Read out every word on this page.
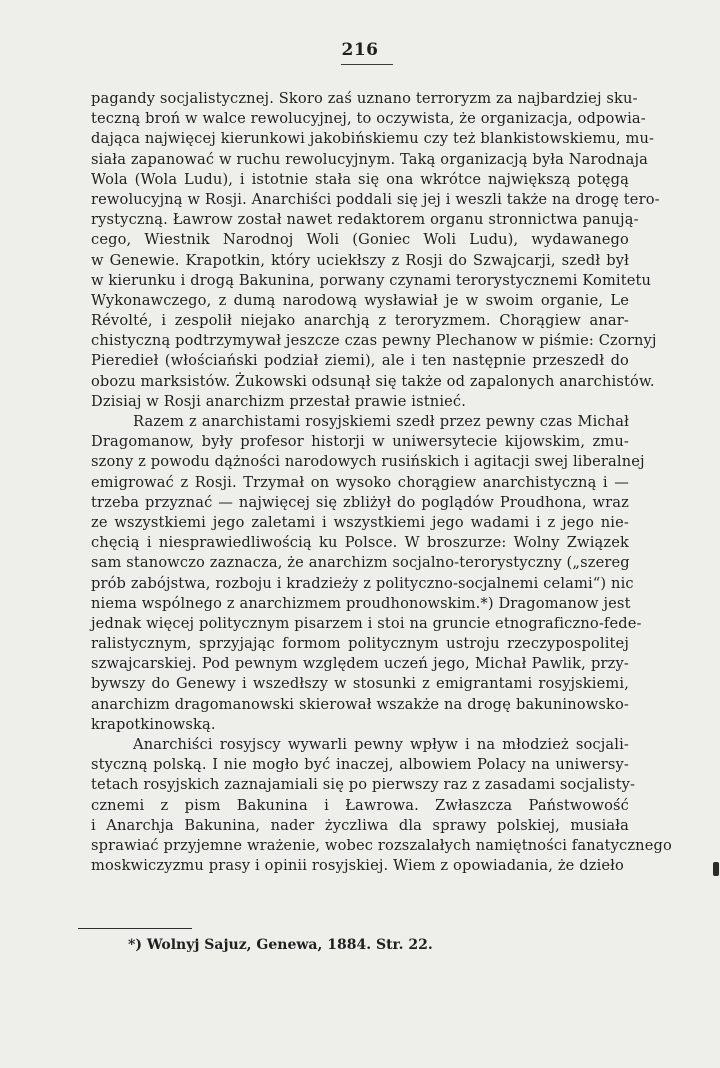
216
pagandy socjalistycznej. Skoro zaś uznano terroryzm za najbardziej sku-
teczną broń w walce rewolucyjnej, to oczywista, że organizacja, odpowia-
dająca najwięcej kierunkowi jakobińskiemu czy też blankistowskiemu, mu-
siała zapanować w ruchu rewolucyjnym. Taką organizacją była Narodnaja
Wola (Wola Ludu), i istotnie stała się ona wkrótce największą potęgą
rewolucyjną w Rosji. Anarchiści poddali się jej i weszli także na drogę tero-
rystyczną. Ławrow został nawet redaktorem organu stronnictwa panują-
cego, Wiestnik Narodnoj Woli (Goniec Woli Ludu), wydawanego
w Genewie. Krapotkin, który uciekłszy z Rosji do Szwajcarji, szedł był
w kierunku i drogą Bakunina, porwany czynami terorystycznemi Komitetu
Wykonawczego, z dumą narodową wysławiał je w swoim organie, Le
Révolté, i zespolił niejako anarchją z teroryzmem. Chorągiew anar-
chistyczną podtrzymywał jeszcze czas pewny Plechanow w piśmie: Czornyj
Pieredieł (włościański podział ziemi), ale i ten następnie przeszedł do
obozu marksistów. Żukowski odsunął się także od zapalonych anarchistów.
Dzisiaj w Rosji anarchizm przestał prawie istnieć.
Razem z anarchistami rosyjskiemi szedł przez pewny czas Michał
Dragomanow, były profesor historji w uniwersytecie kijowskim, zmu-
szony z powodu dążności narodowych rusińskich i agitacji swej liberalnej
emigrować z Rosji. Trzymał on wysoko chorągiew anarchistyczną i —
trzeba przyznać — najwięcej się zbliżył do poglądów Proudhona, wraz
ze wszystkiemi jego zaletami i wszystkiemi jego wadami i z jego nie-
chęcią i niesprawiedliwością ku Polsce. W broszurze: Wolny Związek
sam stanowczo zaznacza, że anarchizm socjalno-terorystyczny („szereg
prób zabójstwa, rozboju i kradzieży z polityczno-socjalnemi celami“) nic
niema wspólnego z anarchizmem proudhonowskim.*) Dragomanow jest
jednak więcej politycznym pisarzem i stoi na gruncie etnograficzno-fede-
ralistycznym, sprzyjając formom politycznym ustroju rzeczypospolitej
szwajcarskiej. Pod pewnym względem uczeń jego, Michał Pawlik, przy-
bywszy do Genewy i wszedłszy w stosunki z emigrantami rosyjskiemi,
anarchizm dragomanowski skierował wszakże na drogę bakuninowsko-
krapotkinowską.
Anarchiści rosyjscy wywarli pewny wpływ i na młodzież socjali-
styczną polską. I nie mogło być inaczej, albowiem Polacy na uniwersy-
tetach rosyjskich zaznajamiali się po pierwszy raz z zasadami socjalisty-
cznemi z pism Bakunina i Ławrowa. Zwłaszcza Państwowość
i Anarchja Bakunina, nader życzliwa dla sprawy polskiej, musiała
sprawiać przyjemne wrażenie, wobec rozszalałych namiętności fanatycznego
moskwiczyzmu prasy i opinii rosyjskiej. Wiem z opowiadania, że dzieło
*) Wolnyj Sajuz, Genewa, 1884. Str. 22.
